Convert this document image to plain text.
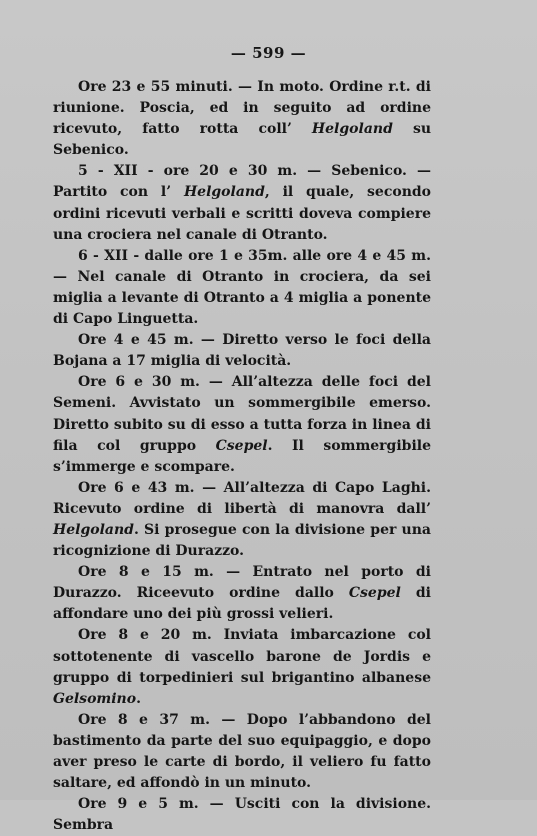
— 599 —

Ore 23 e 55 minuti. — In moto. Ordine r.t. di riunione. Poscia, ed in seguito ad ordine ricevuto, fatto rotta coll’ Helgoland su Sebenico.

5 - XII - ore 20 e 30 m. — Sebenico. — Partito con l’ Helgoland, il quale, secondo ordini ricevuti verbali e scritti doveva compiere una crociera nel canale di Otranto.

6 - XII - dalle ore 1 e 35m. alle ore 4 e 45 m. — Nel canale di Otranto in crociera, da sei miglia a levante di Otranto a 4 miglia a ponente di Capo Linguetta.

Ore 4 e 45 m. — Diretto verso le foci della Bojana a 17 miglia di velocità.

Ore 6 e 30 m. — All’altezza delle foci del Semeni. Avvistato un sommergibile emerso. Diretto subito su di esso a tutta forza in linea di fila col gruppo Csepel. Il sommergibile s’immerge e scompare.

Ore 6 e 43 m. — All’altezza di Capo Laghi. Ricevuto ordine di libertà di manovra dall’ Helgoland. Si prosegue con la divisione per una ricognizione di Durazzo.

Ore 8 e 15 m. — Entrato nel porto di Durazzo. Riceevuto ordine dallo Csepel di affondare uno dei più grossi velieri.

Ore 8 e 20 m. Inviata imbarcazione col sottotenente di vascello barone de Jordis e gruppo di torpedinieri sul brigantino albanese Gelsomino.

Ore 8 e 37 m. — Dopo l’abbandono del bastimento da parte del suo equipaggio, e dopo aver preso le carte di bordo, il veliero fu fatto saltare, ed affondò in un minuto.

Ore 9 e 5 m. — Usciti con la divisione. Sembra
